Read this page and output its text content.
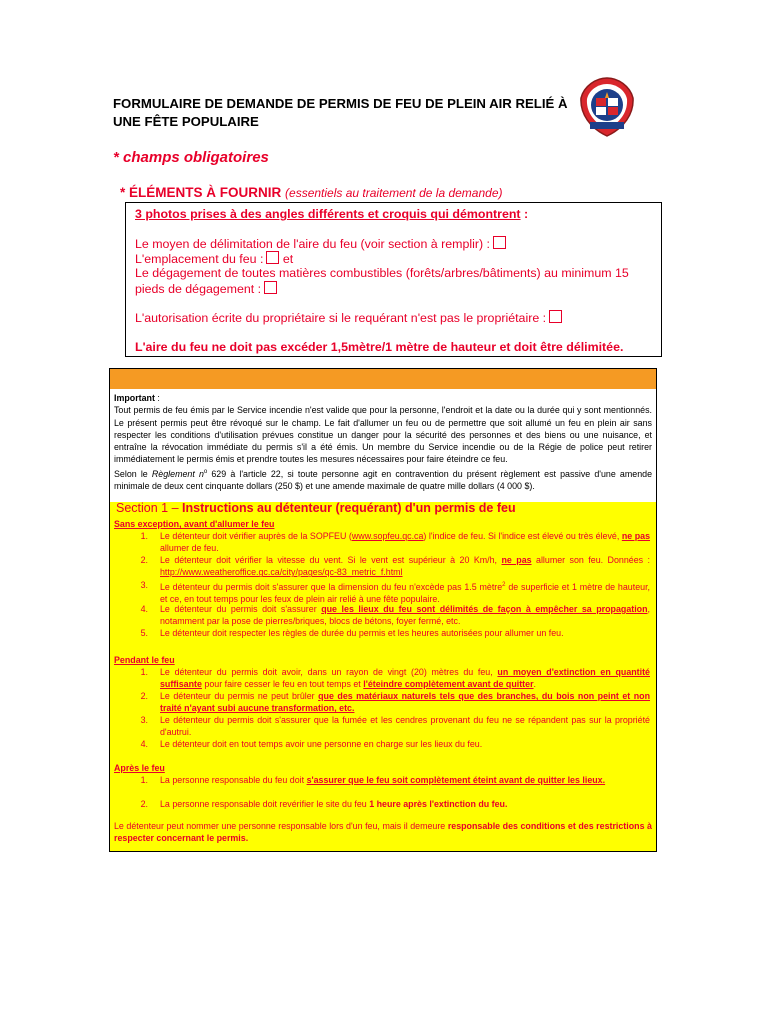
FORMULAIRE DE DEMANDE DE PERMIS DE FEU DE PLEIN AIR RELIÉ À UNE FÊTE POPULAIRE
* champs obligatoires
* ÉLÉMENTS À FOURNIR (essentiels au traitement de la demande)
3 photos prises à des angles différents et croquis qui démontrent :
Le moyen de délimitation de l'aire du feu (voir section à remplir) :
L'emplacement du feu : et
Le dégagement de toutes matières combustibles (forêts/arbres/bâtiments) au minimum 15
pieds de dégagement :
L'autorisation écrite du propriétaire si le requérant n'est pas le propriétaire :
L'aire du feu ne doit pas excéder 1,5mètre/1 mètre de hauteur et doit être délimitée.
Important :
Tout permis de feu émis par le Service incendie n'est valide que pour la personne, l'endroit et la date ou la durée qui y sont mentionnés. Le présent permis peut être révoqué sur le champ. Le fait d'allumer un feu ou de permettre que soit allumé un feu en plein air sans respecter les conditions d'utilisation prévues constitue un danger pour la sécurité des personnes et des biens ou une nuisance, et entraîne la révocation immédiate du permis s'il a été émis. Un membre du Service incendie ou de la Régie de police peut retirer immédiatement le permis émis et prendre toutes les mesures nécessaires pour faire éteindre ce feu.
Selon le Règlement $n^o$ 629 à l'article 22, si toute personne agit en contravention du présent règlement est passive d'une amende minimale de deux cent cinquante dollars (250 $) et une amende maximale de quatre mille dollars (4 000 $).
Section 1 – Instructions au détenteur (requérant) d'un permis de feu
Sans exception, avant d'allumer le feu
1. Le détenteur doit vérifier auprès de la SOPFEU (www.sopfeu.qc.ca) l'indice de feu. Si l'indice est élevé ou très élevé, ne pas allumer de feu.
2. Le détenteur doit vérifier la vitesse du vent. Si le vent est supérieur à 20 Km/h, ne pas allumer son feu. Données : http://www.weatheroffice.gc.ca/city/pages/qc-83_metric_f.html
3. Le détenteur du permis doit s'assurer que la dimension du feu n'excède pas 1.5 mètre$^2$ de superficie et 1 mètre de hauteur, et ce, en tout temps pour les feux de plein air relié à une fête populaire.
4. Le détenteur du permis doit s'assurer que les lieux du feu sont délimités de façon à empêcher sa propagation, notamment par la pose de pierres/briques, blocs de bétons, foyer fermé, etc.
5. Le détenteur doit respecter les règles de durée du permis et les heures autorisées pour allumer un feu.
Pendant le feu
1. Le détenteur du permis doit avoir, dans un rayon de vingt (20) mètres du feu, un moyen d'extinction en quantité suffisante pour faire cesser le feu en tout temps et l'éteindre complètement avant de quitter.
2. Le détenteur du permis ne peut brûler que des matériaux naturels tels que des branches, du bois non peint et non traité n'ayant subi aucune transformation, etc.
3. Le détenteur du permis doit s'assurer que la fumée et les cendres provenant du feu ne se répandent pas sur la propriété d'autrui.
4. Le détenteur doit en tout temps avoir une personne en charge sur les lieux du feu.
Après le feu
1. La personne responsable du feu doit s'assurer que le feu soit complètement éteint avant de quitter les lieux.
2. La personne responsable doit revérifier le site du feu 1 heure après l'extinction du feu.
Le détenteur peut nommer une personne responsable lors d'un feu, mais il demeure responsable des conditions et des restrictions à respecter concernant le permis.
